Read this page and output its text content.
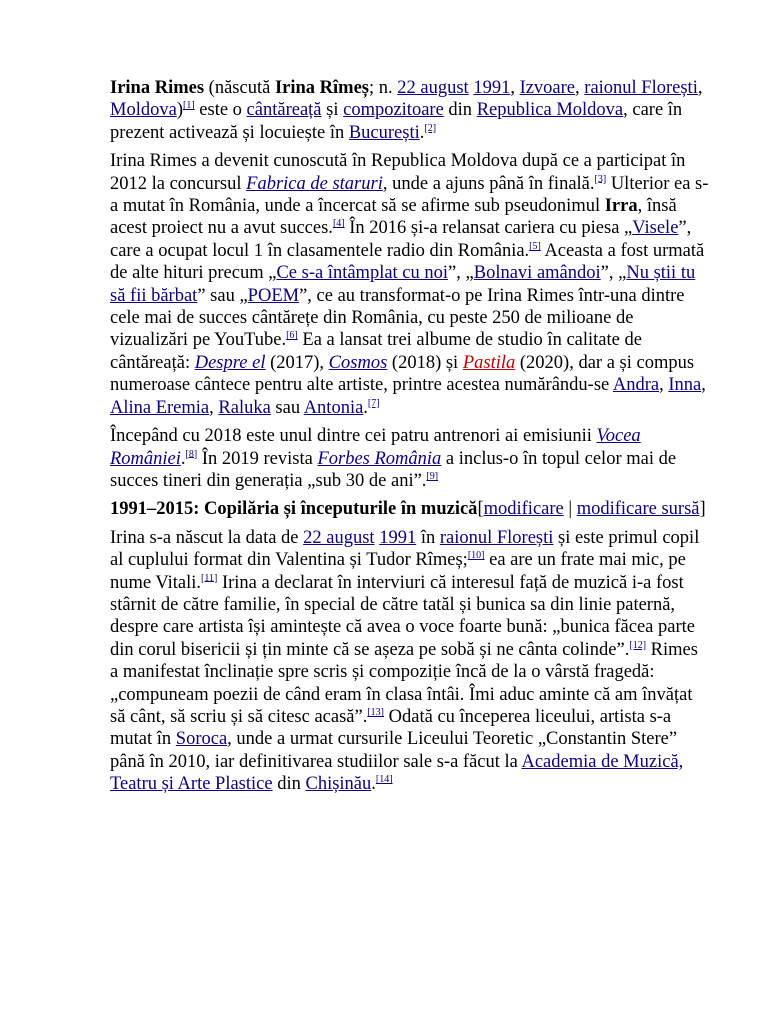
Irina Rimes (născută Irina Rîmeș; n. 22 august 1991, Izvoare, raionul Florești, Moldova)[1] este o cântăreață și compozitoare din Republica Moldova, care în prezent activează și locuiește în București.[2]

Irina Rimes a devenit cunoscută în Republica Moldova după ce a participat în 2012 la concursul Fabrica de staruri, unde a ajuns până în finală.[3] Ulterior ea s-a mutat în România, unde a încercat să se afirme sub pseudonimul Irra, însă acest proiect nu a avut succes.[4] În 2016 și-a relansat cariera cu piesa „Visele”, care a ocupat locul 1 în clasamentele radio din România.[5] Aceasta a fost urmată de alte hituri precum „Ce s-a întâmplat cu noi”, „Bolnavi amândoi”, „Nu știi tu să fii bărbat” sau „POEM”, ce au transformat-o pe Irina Rimes într-una dintre cele mai de succes cântărețe din România, cu peste 250 de milioane de vizualizări pe YouTube.[6] Ea a lansat trei albume de studio în calitate de cântăreață: Despre el (2017), Cosmos (2018) și Pastila (2020), dar a și compus numeroase cântece pentru alte artiste, printre acestea numărându-se Andra, Inna, Alina Eremia, Raluka sau Antonia.[7]

Începând cu 2018 este unul dintre cei patru antrenori ai emisiunii Vocea României.[8] În 2019 revista Forbes România a inclus-o în topul celor mai de succes tineri din generația „sub 30 de ani”.[9]

1991–2015: Copilăria și începuturile în muzică[modificare | modificare sursă]

Irina s-a născut la data de 22 august 1991 în raionul Florești și este primul copil al cuplului format din Valentina și Tudor Rîmeș;[10] ea are un frate mai mic, pe nume Vitali.[11] Irina a declarat în interviuri că interesul față de muzică i-a fost stârnit de către familie, în special de către tatăl și bunica sa din linie paternă, despre care artista își amintește că avea o voce foarte bună: „bunica făcea parte din corul bisericii și țin minte că se așeza pe sobă și ne cânta colinde”.[12] Rimes a manifestat înclinație spre scris și compoziție încă de la o vârstă fragedă: „compuneam poezii de când eram în clasa întâi. Îmi aduc aminte că am învățat să cânt, să scriu și să citesc acasă”.[13] Odată cu începerea liceului, artista s-a mutat în Soroca, unde a urmat cursurile Liceului Teoretic „Constantin Stere” până în 2010, iar definitivarea studiilor sale s-a făcut la Academia de Muzică, Teatru și Arte Plastice din Chișinău.[14]
